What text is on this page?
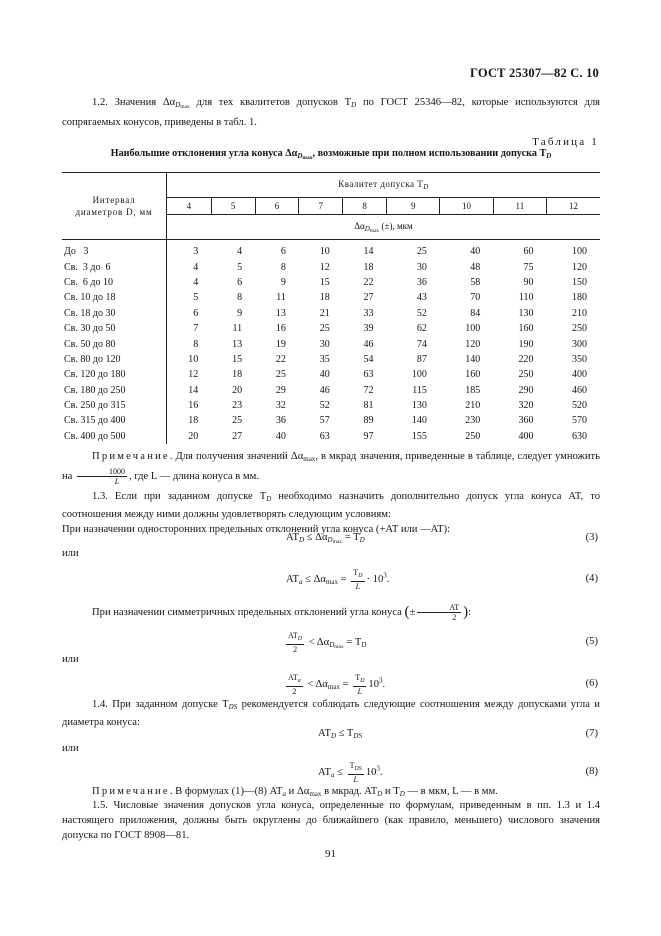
ГОСТ 25307—82 С. 10
1.2. Значения $\Delta\alpha_{Dmax}$ для тех квалитетов допусков $T_D$ по ГОСТ 25346—82, которые используются для сопрягаемых конусов, приведены в табл. 1.
Таблица 1
Наибольшие отклонения угла конуса $\Delta\alpha_{Dmax}$, возможные при полном использовании допуска $T_D$
Интервал
диаметров D, мм	Квалитет допуска $T_D$
	4	5	6	7	8	9	10	11	12
	$\Delta\alpha_{Dmax}$ (±), мкм								

До   3	3	4	6	10	14	25	40	60	100
Св.  3 до  6	4	5	8	12	18	30	48	75	120
Св.  6 до 10	4	6	9	15	22	36	58	90	150
Св. 10 до 18	5	8	11	18	27	43	70	110	180
Св. 18 до 30	6	9	13	21	33	52	84	130	210
Св. 30 до 50	7	11	16	25	39	62	100	160	250
Св. 50 до 80	8	13	19	30	46	74	120	190	300
Св. 80 до 120	10	15	22	35	54	87	140	220	350
Св. 120 до 180	12	18	25	40	63	100	160	250	400
Св. 180 до 250	14	20	29	46	72	115	185	290	460
Св. 250 до 315	16	23	32	52	81	130	210	320	520
Св. 315 до 400	18	25	36	57	89	140	230	360	570
Св. 400 до 500	20	27	40	63	97	155	250	400	630
Примечание. Для получения значений $\Delta\alpha_{max}$, в мкрад значения, приведенные в таблице, следует умножить на $\frac{1000}{L}$ , где L — длина конуса в мм.
1.3. Если при заданном допуске $T_D$ необходимо назначить дополнительно допуск угла конуса AT, то соотношения между ними должны удовлетворять следующим условиям:
При назначении односторонних предельных отклонений угла конуса (+AT или —AT):
$AT_D \le \Delta\alpha_{Dmax} = T_D$	(3)
или
$AT_a \le \Delta\alpha_{max} = \frac{T_D}{L} \cdot 10^3$.	(4)
При назначении симметричных предельных отклонений угла конуса (± $\frac{AT}{2}$ ):
$\frac{AT_D}{2} < \Delta\alpha_{Dmax} = T_D$	(5)
или
$\frac{AT_a}{2} < \Delta\alpha_{max} = \frac{T_D}{L} 10^3$.	(6)
1.4. При заданном допуске $T_{DS}$ рекомендуется соблюдать следующие соотношения между допусками угла и диаметра конуса:
$AT_D \le T_{DS}$	(7)
или
$AT_a \le \frac{T_{DS}}{L} 10^3$.	(8)
Примечание. В формулах (1)—(8) $AT_a$ и $\Delta\alpha_{max}$ в мкрад. $AT_D$ и $T_D$ — в мкм, L — в мм.
1.5. Числовые значения допусков угла конуса, определенные по формулам, приведенным в пп. 1.3 и 1.4 настоящего приложения, должны быть округлены до ближайшего (как правило, меньшего) числового значения допуска по ГОСТ 8908—81.
91
